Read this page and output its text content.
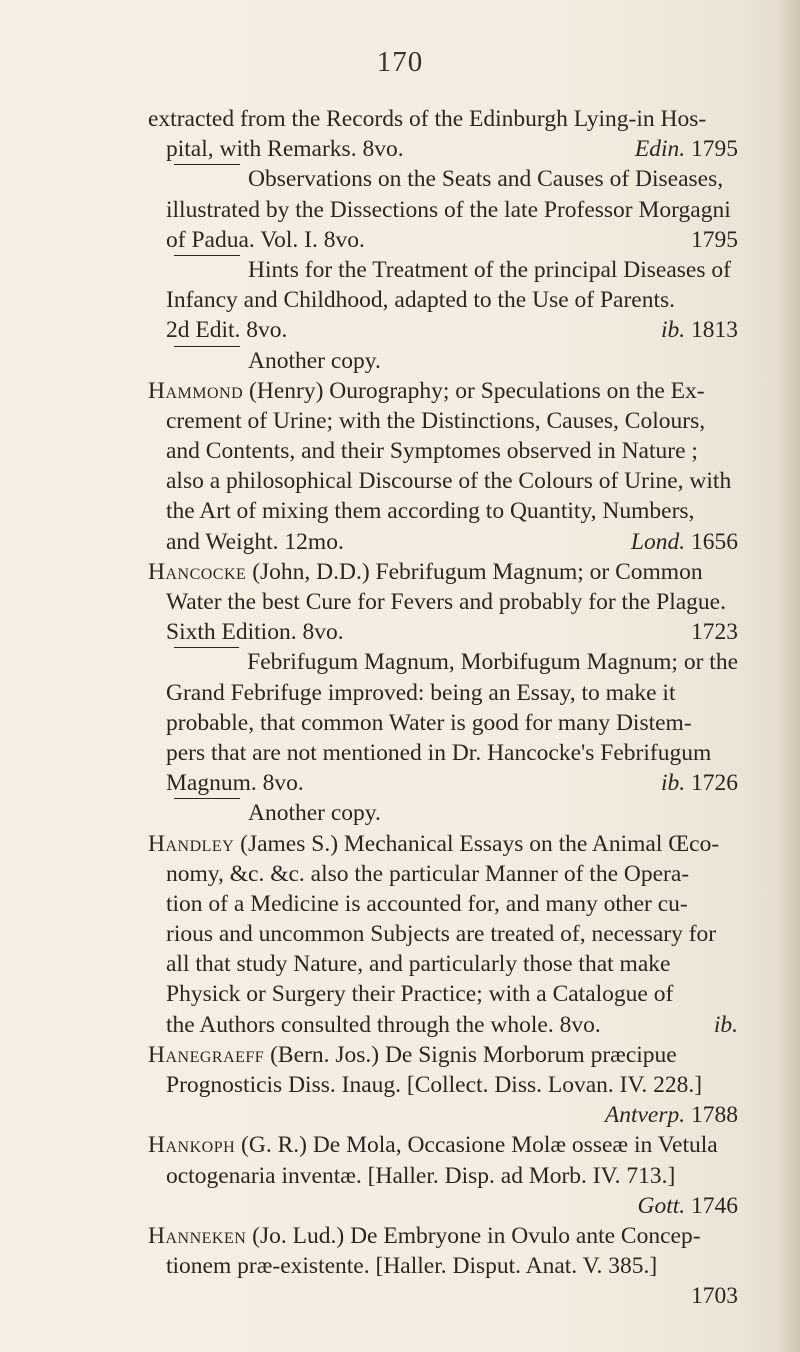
170
extracted from the Records of the Edinburgh Lying-in Hos-
pital, with Remarks. 8vo.	Edin.
1795
Observations on the Seats and Causes of Diseases,
illustrated by the Dissections of the late Professor Morgagni
of Padua. Vol. I. 8vo.	1795
Hints for the Treatment of the principal Diseases of
Infancy and Childhood, adapted to the Use of Parents.
2d Edit. 8vo.	ib.
1813
Another copy.
Hammond
(Henry) Ourography; or Speculations on the Ex-
crement of Urine; with the Distinctions, Causes, Colours,
and Contents, and their Symptomes observed in Nature ;
also a philosophical Discourse of the Colours of Urine, with
the Art of mixing them according to Quantity, Numbers,
and Weight. 12mo.	Lond.
1656
Hancocke
(John, D.D.) Febrifugum Magnum; or Common
Water the best Cure for Fevers and probably for the Plague.
Sixth Edition. 8vo.	1723
Febrifugum Magnum, Morbifugum Magnum; or the
Grand Febrifuge improved: being an Essay, to make it
probable, that common Water is good for many Distem-
pers that are not mentioned in Dr. Hancocke's Febrifugum
Magnum. 8vo.	ib.
1726
Another copy.
Handley
(James S.) Mechanical Essays on the Animal Œco-
nomy, &c. &c. also the particular Manner of the Opera-
tion of a Medicine is accounted for, and many other cu-
rious and uncommon Subjects are treated of, necessary for
all that study Nature, and particularly those that make
Physick or Surgery their Practice; with a Catalogue of
the Authors consulted through the whole. 8vo.	ib.
Hanegraeff
(Bern. Jos.) De Signis Morborum præcipue
Prognosticis Diss. Inaug. [Collect. Diss. Lovan. IV. 228.]
Antverp.
1788
Hankoph
(G. R.) De Mola, Occasione Molæ osseæ in Vetula
octogenaria inventæ. [Haller. Disp. ad Morb. IV. 713.]
Gott.
1746
Hanneken
(Jo. Lud.) De Embryone in Ovulo ante Concep-
tionem præ-existente. [Haller. Disput. Anat. V. 385.]
1703
